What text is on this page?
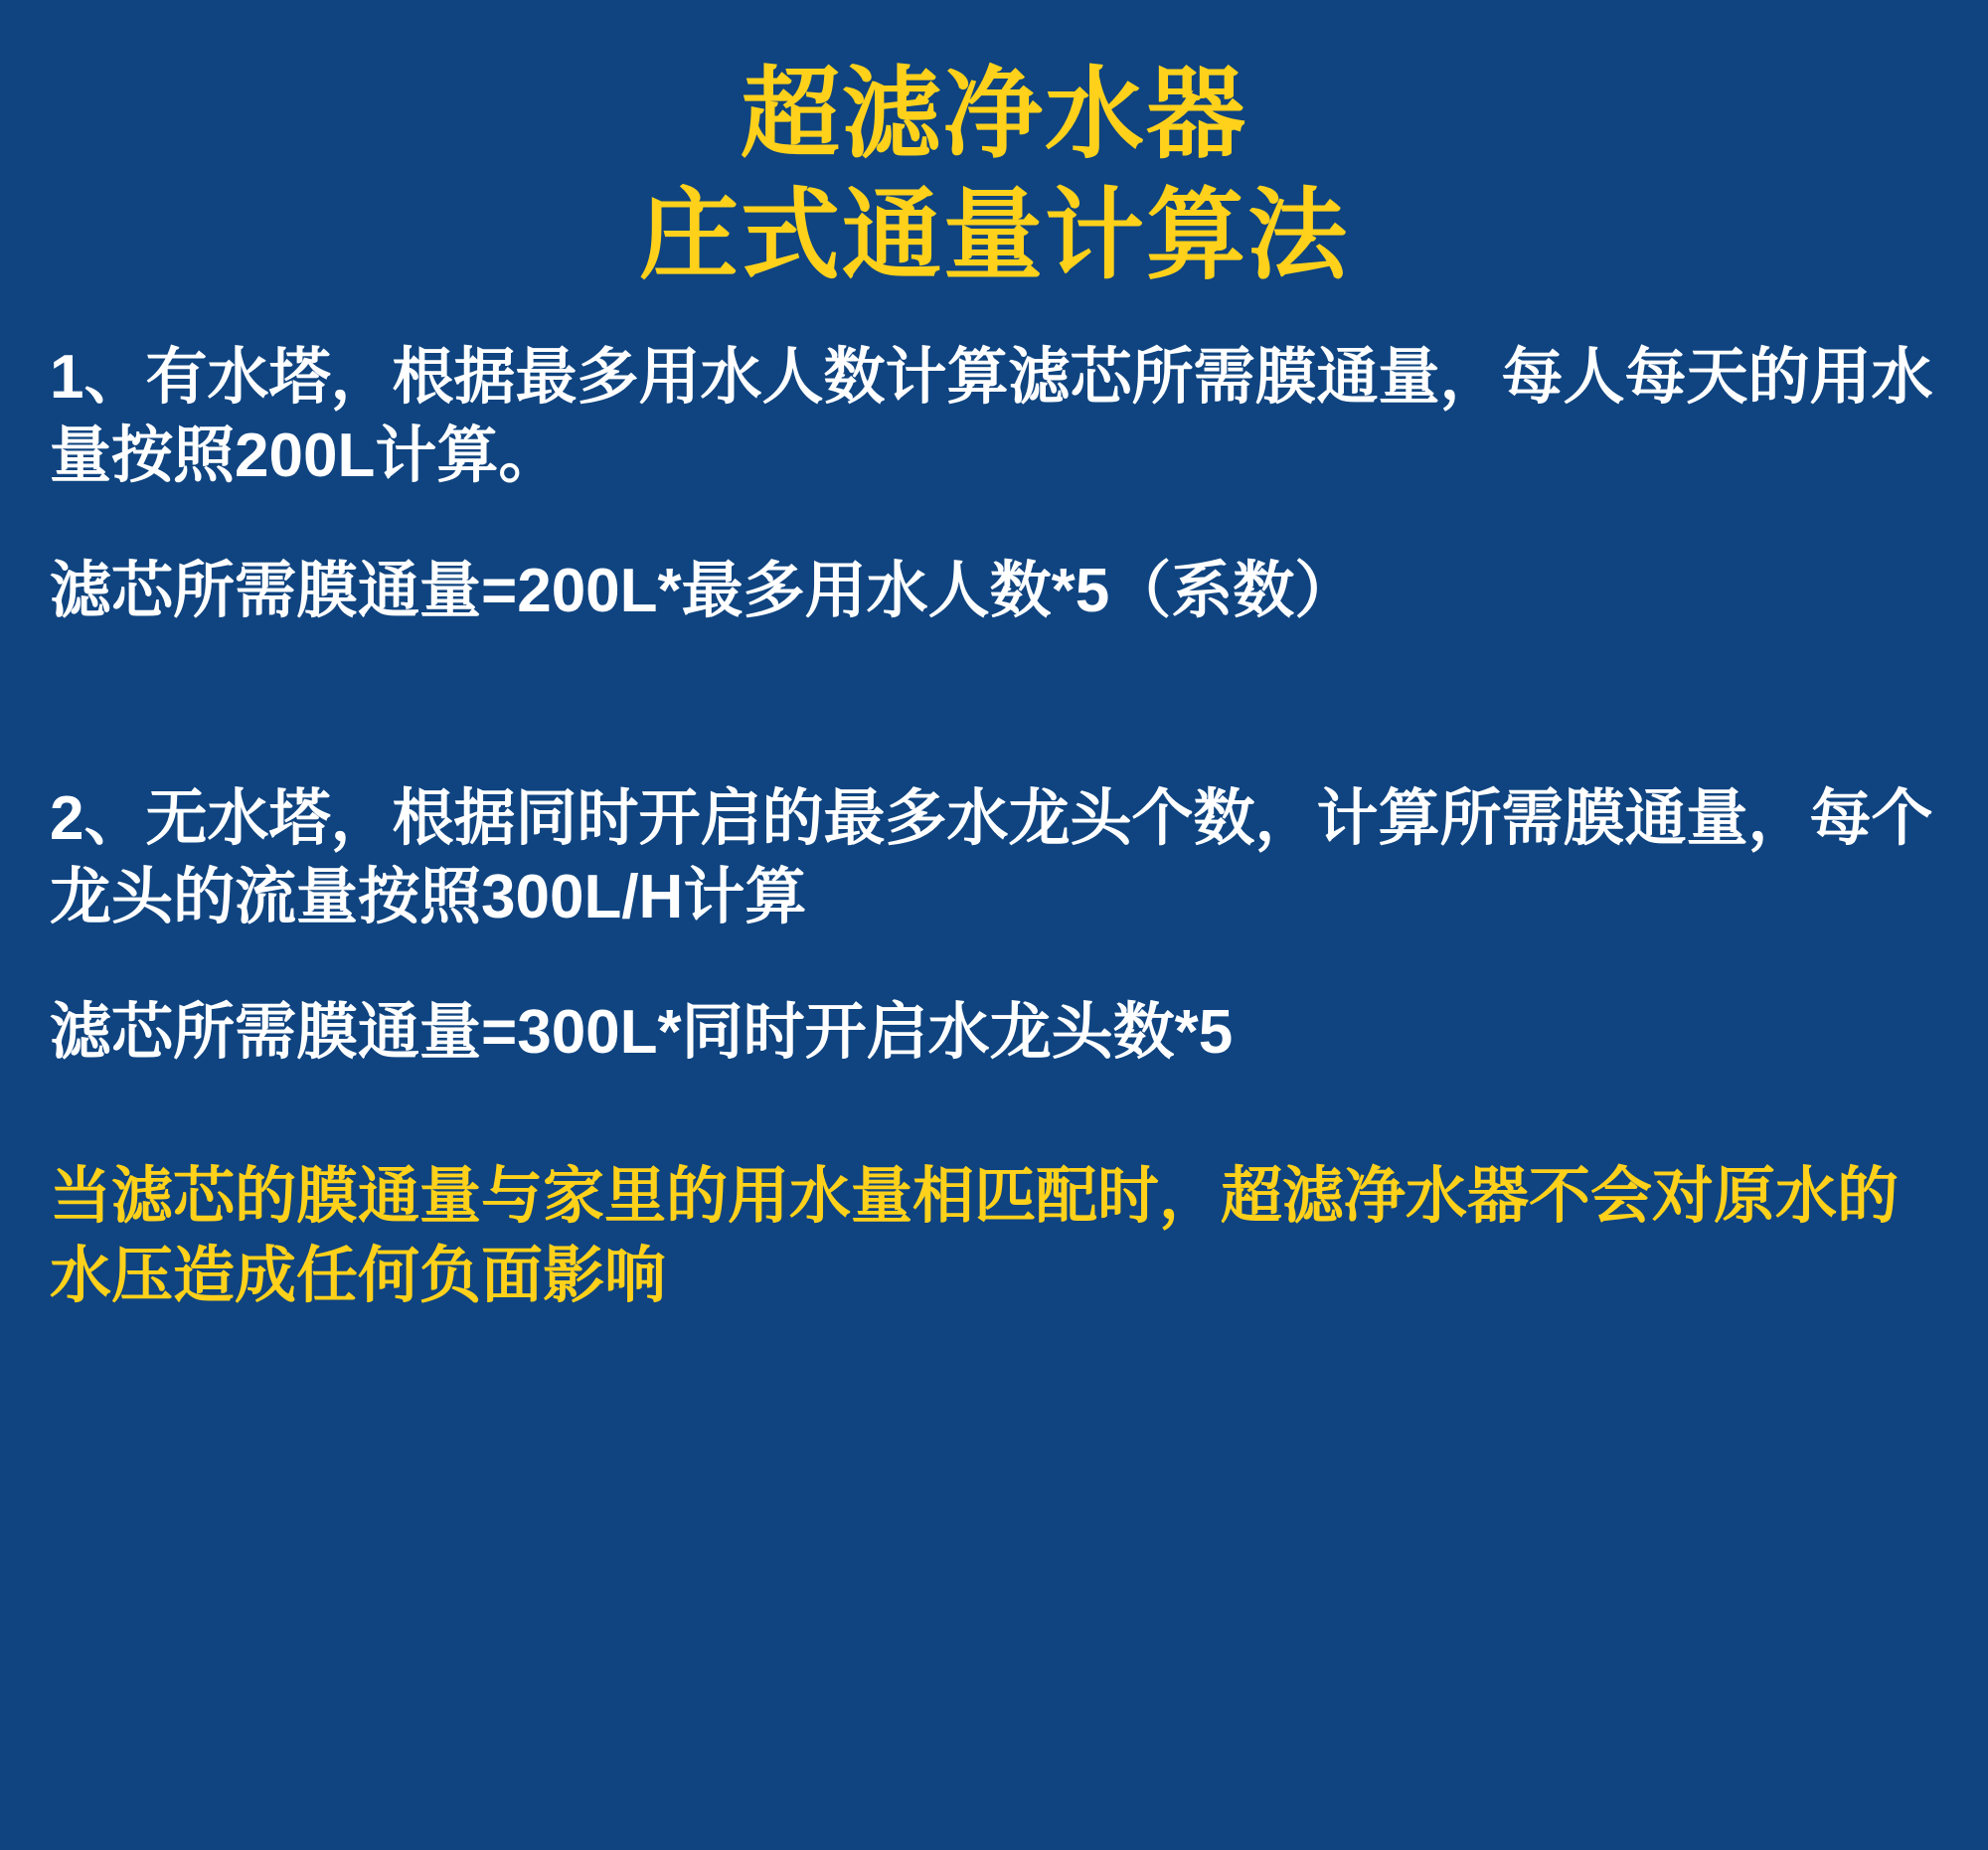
超滤净水器
庄式通量计算法

1、有水塔，根据最多用水人数计算滤芯所需膜通量，每人每天的用水量按照200L计算。

滤芯所需膜通量=200L*最多用水人数*5（系数）

2、无水塔，根据同时开启的最多水龙头个数，计算所需膜通量，每个龙头的流量按照300L/H计算

滤芯所需膜通量=300L*同时开启水龙头数*5

当滤芯的膜通量与家里的用水量相匹配时，超滤净水器不会对原水的水压造成任何负面影响
